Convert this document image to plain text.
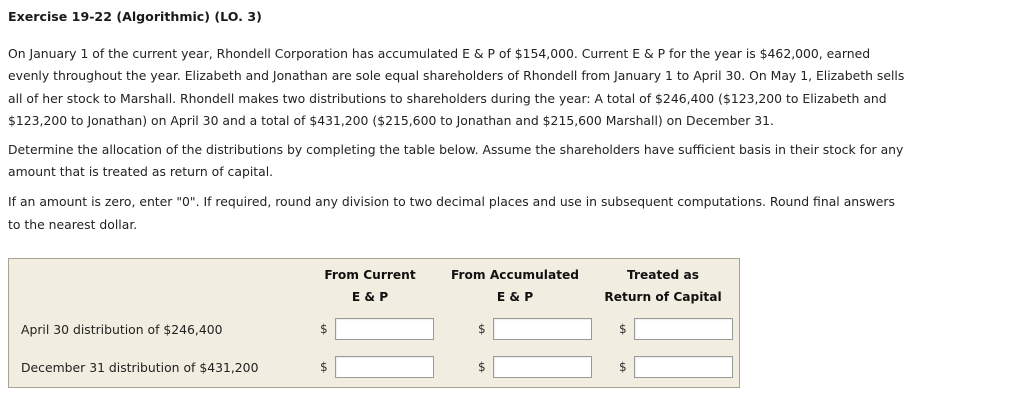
Exercise 19-22 (Algorithmic) (LO. 3)

On January 1 of the current year, Rhondell Corporation has accumulated E & P of $154,000. Current E & P for the year is $462,000, earned evenly throughout the year. Elizabeth and Jonathan are sole equal shareholders of Rhondell from January 1 to April 30. On May 1, Elizabeth sells all of her stock to Marshall. Rhondell makes two distributions to shareholders during the year: A total of $246,400 ($123,200 to Elizabeth and $123,200 to Jonathan) on April 30 and a total of $431,200 ($215,600 to Jonathan and $215,600 Marshall) on December 31.

Determine the allocation of the distributions by completing the table below. Assume the shareholders have sufficient basis in their stock for any amount that is treated as return of capital.

If an amount is zero, enter "0". If required, round any division to two decimal places and use in subsequent computations. Round final answers to the nearest dollar.

From Current
E & P
From Accumulated
E & P
Treated as
Return of Capital
April 30 distribution of $246,400	$	$	$
December 31 distribution of $431,200	$	$	$
